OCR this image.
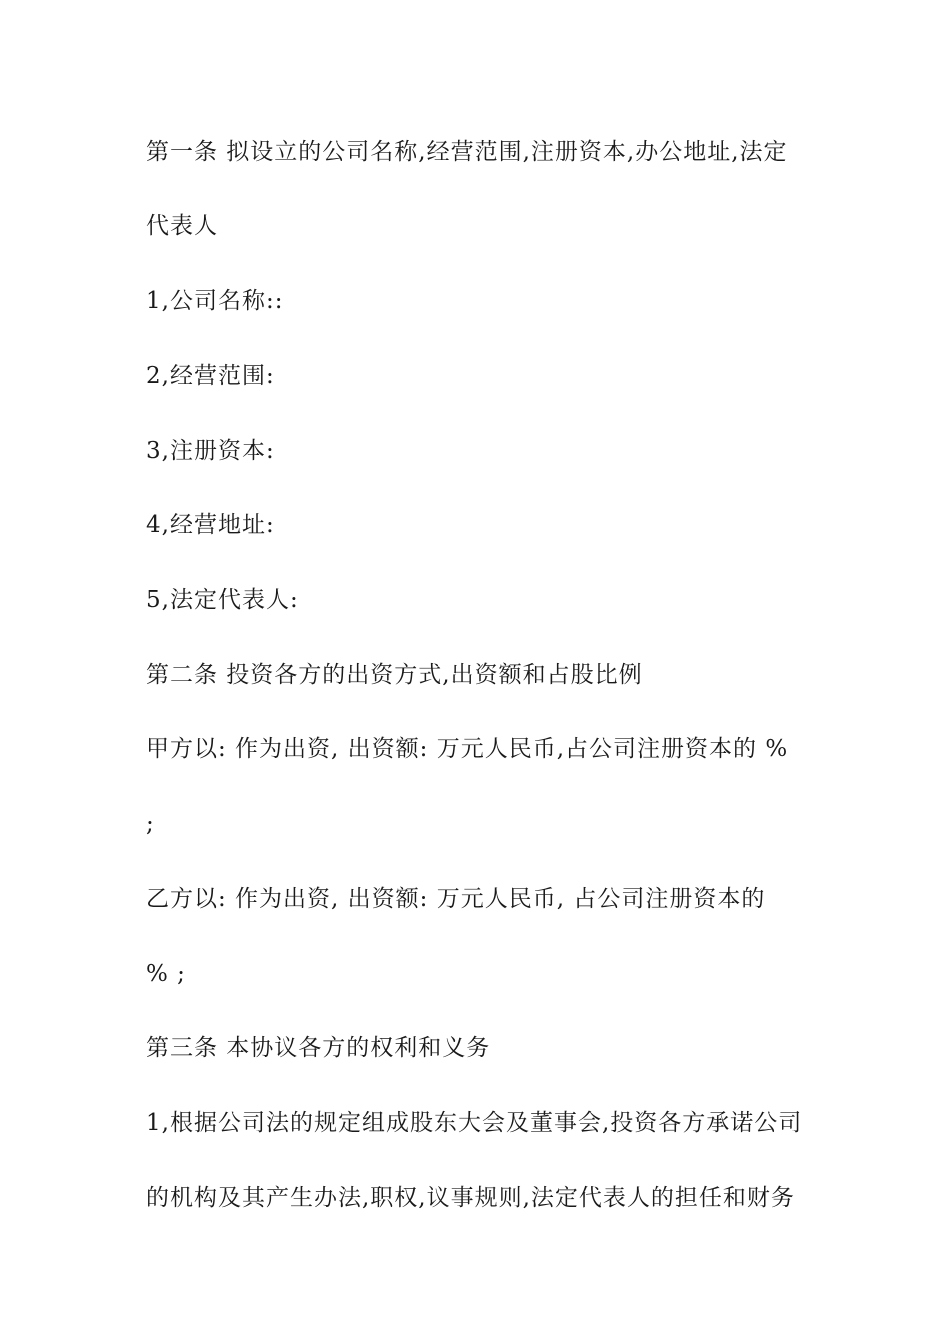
第一条 拟设立的公司名称,经营范围,注册资本,办公地址,法定
代表人
1,公司名称::
2,经营范围:
3,注册资本:
4,经营地址:
5,法定代表人:
第二条 投资各方的出资方式,出资额和占股比例
甲方以: 作为出资, 出资额: 万元人民币,占公司注册资本的 %
;
乙方以: 作为出资, 出资额: 万元人民币, 占公司注册资本的
% ;
第三条 本协议各方的权利和义务
1,根据公司法的规定组成股东大会及董事会,投资各方承诺公司
的机构及其产生办法,职权,议事规则,法定代表人的担任和财务
